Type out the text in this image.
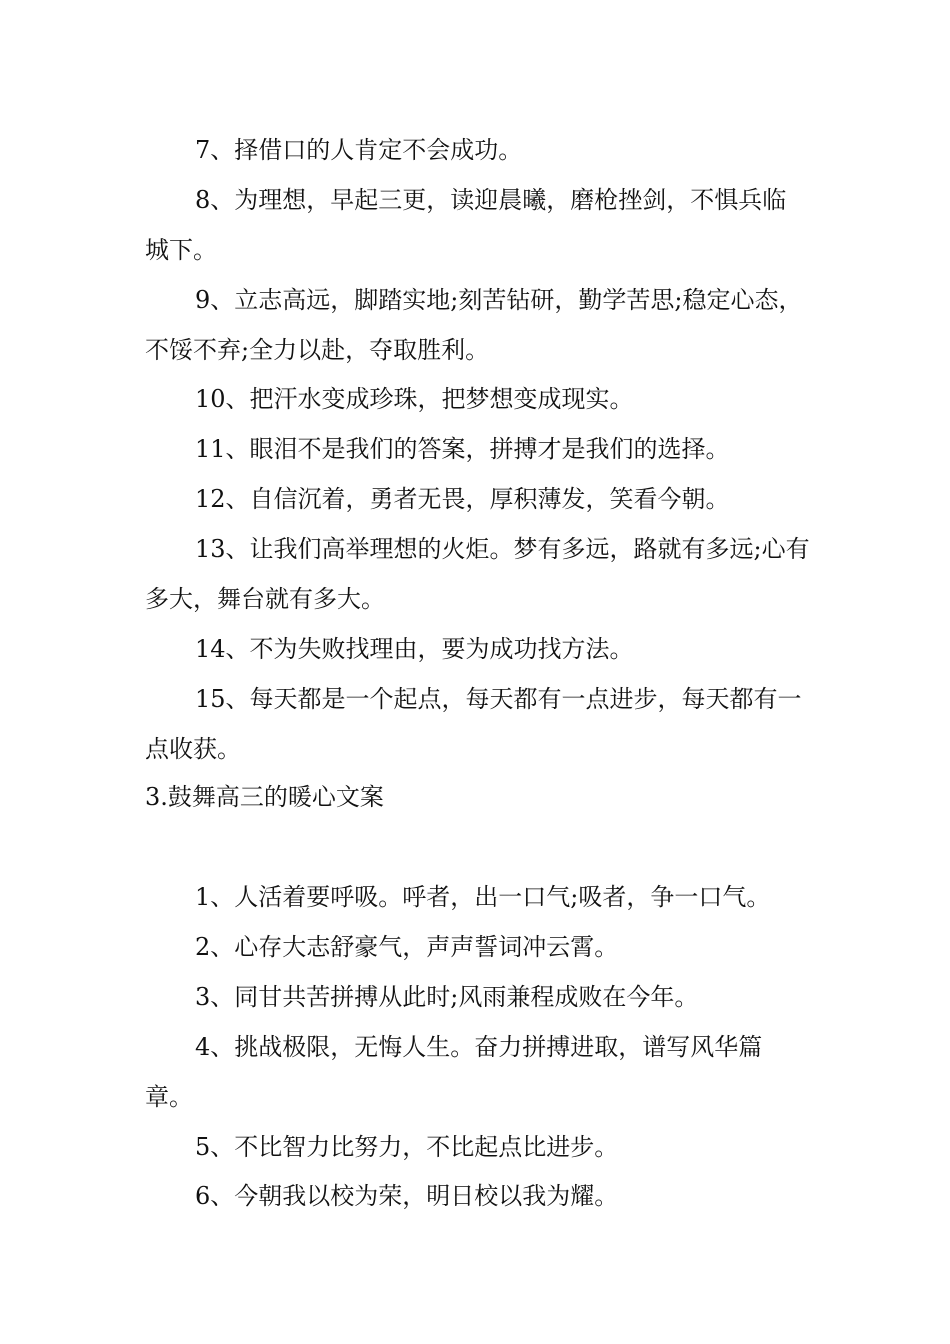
7、择借口的人肯定不会成功。

8、为理想，早起三更，读迎晨曦，磨枪挫剑，不惧兵临城下。

9、立志高远，脚踏实地;刻苦钻研，勤学苦思;稳定心态，不馁不弃;全力以赴，夺取胜利。

10、把汗水变成珍珠，把梦想变成现实。

11、眼泪不是我们的答案，拼搏才是我们的选择。

12、自信沉着，勇者无畏，厚积薄发，笑看今朝。

13、让我们高举理想的火炬。梦有多远，路就有多远;心有多大，舞台就有多大。

14、不为失败找理由，要为成功找方法。

15、每天都是一个起点，每天都有一点进步，每天都有一点收获。

3.鼓舞高三的暖心文案

1、人活着要呼吸。呼者，出一口气;吸者，争一口气。

2、心存大志舒豪气，声声誓词冲云霄。

3、同甘共苦拼搏从此时;风雨兼程成败在今年。

4、挑战极限，无悔人生。奋力拼搏进取，谱写风华篇章。

5、不比智力比努力，不比起点比进步。

6、今朝我以校为荣，明日校以我为耀。
